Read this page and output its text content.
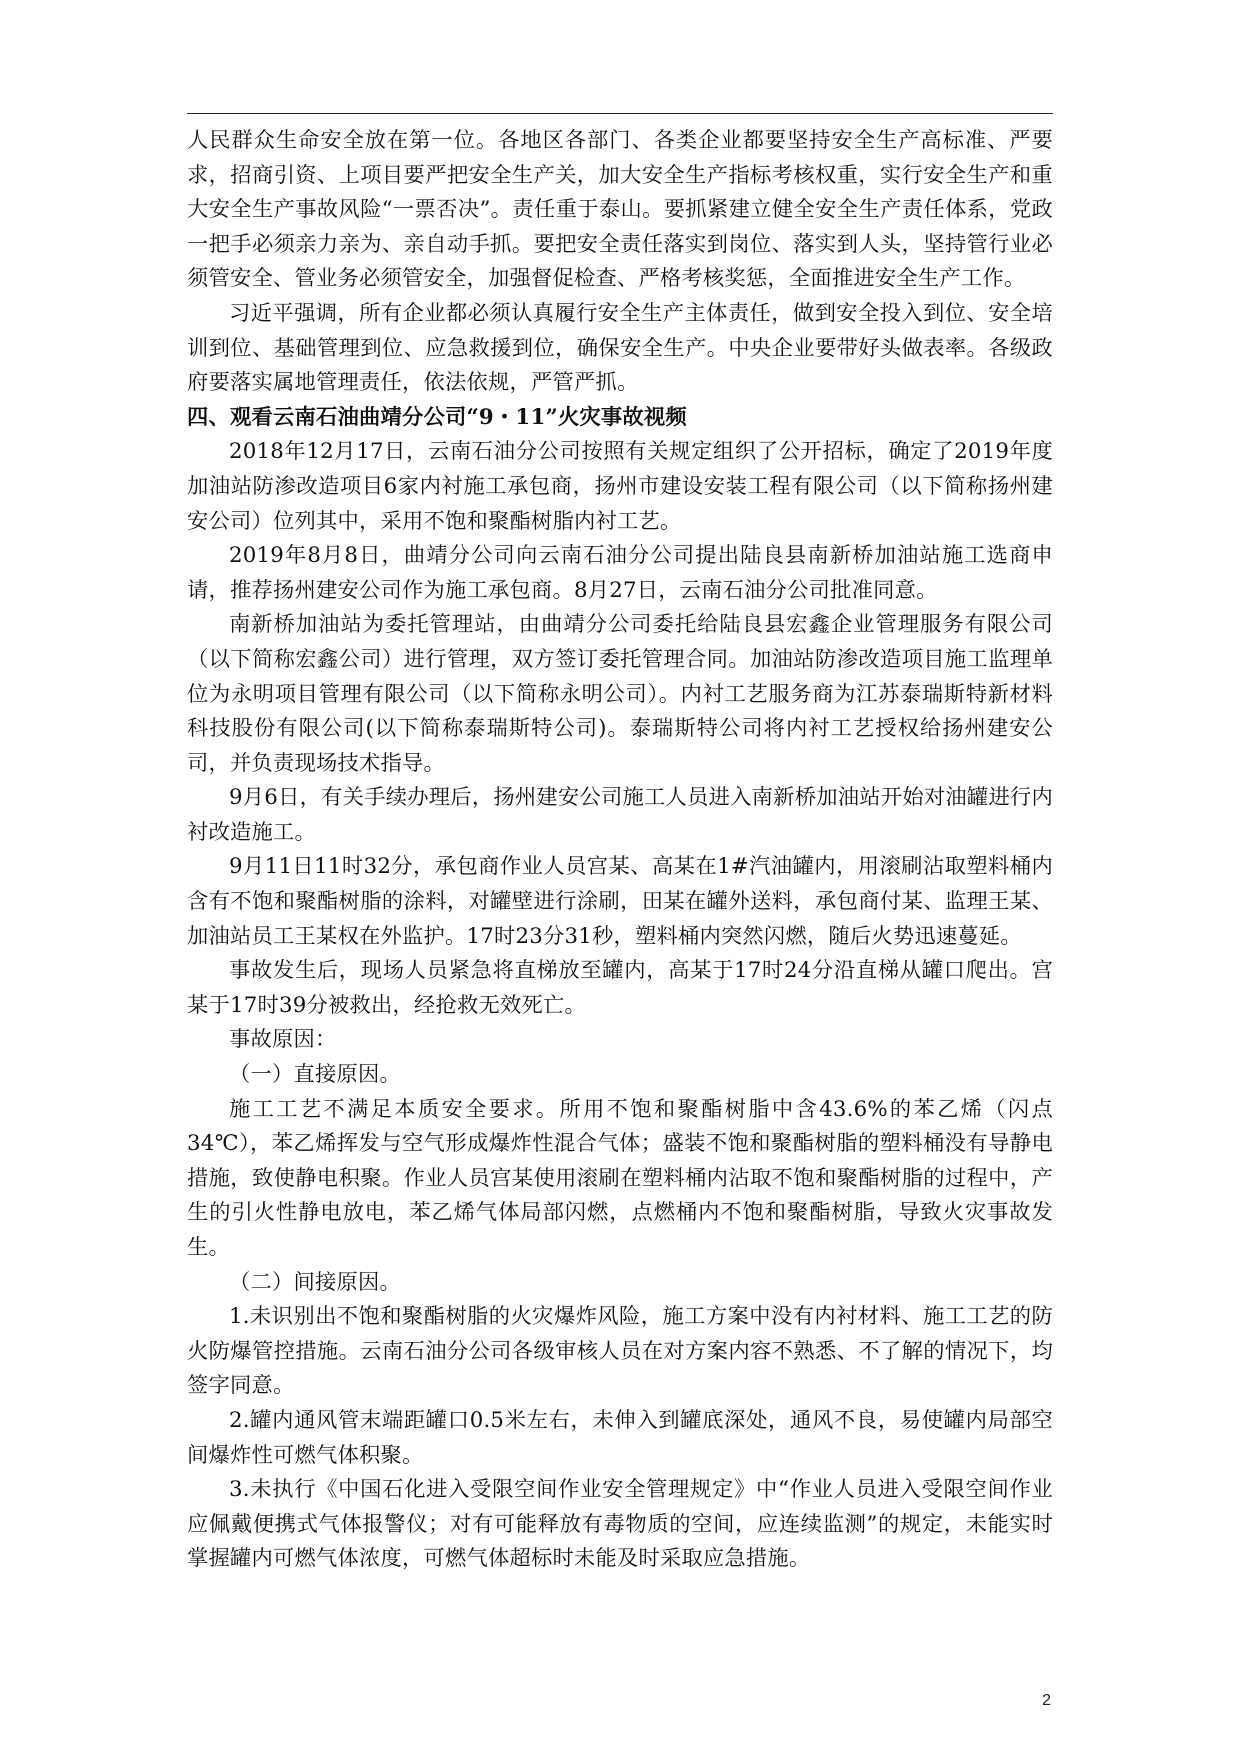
人民群众生命安全放在第一位。各地区各部门、各类企业都要坚持安全生产高标准、严要求，招商引资、上项目要严把安全生产关，加大安全生产指标考核权重，实行安全生产和重大安全生产事故风险“一票否决”。责任重于泰山。要抓紧建立健全安全生产责任体系，党政一把手必须亲力亲为、亲自动手抓。要把安全责任落实到岗位、落实到人头，坚持管行业必须管安全、管业务必须管安全，加强督促检查、严格考核奖惩，全面推进安全生产工作。

习近平强调，所有企业都必须认真履行安全生产主体责任，做到安全投入到位、安全培训到位、基础管理到位、应急救援到位，确保安全生产。中央企业要带好头做表率。各级政府要落实属地管理责任，依法依规，严管严抓。

四、观看云南石油曲靖分公司“9・11”火灾事故视频

2018年12月17日，云南石油分公司按照有关规定组织了公开招标，确定了2019年度加油站防渗改造项目6家内衬施工承包商，扬州市建设安装工程有限公司（以下简称扬州建安公司）位列其中，采用不饱和聚酯树脂内衬工艺。

2019年8月8日，曲靖分公司向云南石油分公司提出陆良县南新桥加油站施工选商申请，推荐扬州建安公司作为施工承包商。8月27日，云南石油分公司批准同意。

南新桥加油站为委托管理站，由曲靖分公司委托给陆良县宏鑫企业管理服务有限公司（以下简称宏鑫公司）进行管理，双方签订委托管理合同。加油站防渗改造项目施工监理单位为永明项目管理有限公司（以下简称永明公司）。内衬工艺服务商为江苏泰瑞斯特新材料科技股份有限公司(以下简称泰瑞斯特公司)。泰瑞斯特公司将内衬工艺授权给扬州建安公司，并负责现场技术指导。

9月6日，有关手续办理后，扬州建安公司施工人员进入南新桥加油站开始对油罐进行内衬改造施工。

9月11日11时32分，承包商作业人员宫某、高某在1#汽油罐内，用滚刷沾取塑料桶内含有不饱和聚酯树脂的涂料，对罐壁进行涂刷，田某在罐外送料，承包商付某、监理王某、加油站员工王某权在外监护。17时23分31秒，塑料桶内突然闪燃，随后火势迅速蔓延。

事故发生后，现场人员紧急将直梯放至罐内，高某于17时24分沿直梯从罐口爬出。宫某于17时39分被救出，经抢救无效死亡。

事故原因：

（一）直接原因。

施工工艺不满足本质安全要求。所用不饱和聚酯树脂中含43.6%的苯乙烯（闪点34℃），苯乙烯挥发与空气形成爆炸性混合气体；盛装不饱和聚酯树脂的塑料桶没有导静电措施，致使静电积聚。作业人员宫某使用滚刷在塑料桶内沾取不饱和聚酯树脂的过程中，产生的引火性静电放电，苯乙烯气体局部闪燃，点燃桶内不饱和聚酯树脂，导致火灾事故发生。

（二）间接原因。

1.未识别出不饱和聚酯树脂的火灾爆炸风险，施工方案中没有内衬材料、施工工艺的防火防爆管控措施。云南石油分公司各级审核人员在对方案内容不熟悉、不了解的情况下，均签字同意。

2.罐内通风管末端距罐口0.5米左右，未伸入到罐底深处，通风不良，易使罐内局部空间爆炸性可燃气体积聚。

3.未执行《中国石化进入受限空间作业安全管理规定》中“作业人员进入受限空间作业应佩戴便携式气体报警仪；对有可能释放有毒物质的空间，应连续监测”的规定，未能实时掌握罐内可燃气体浓度，可燃气体超标时未能及时采取应急措施。

2
